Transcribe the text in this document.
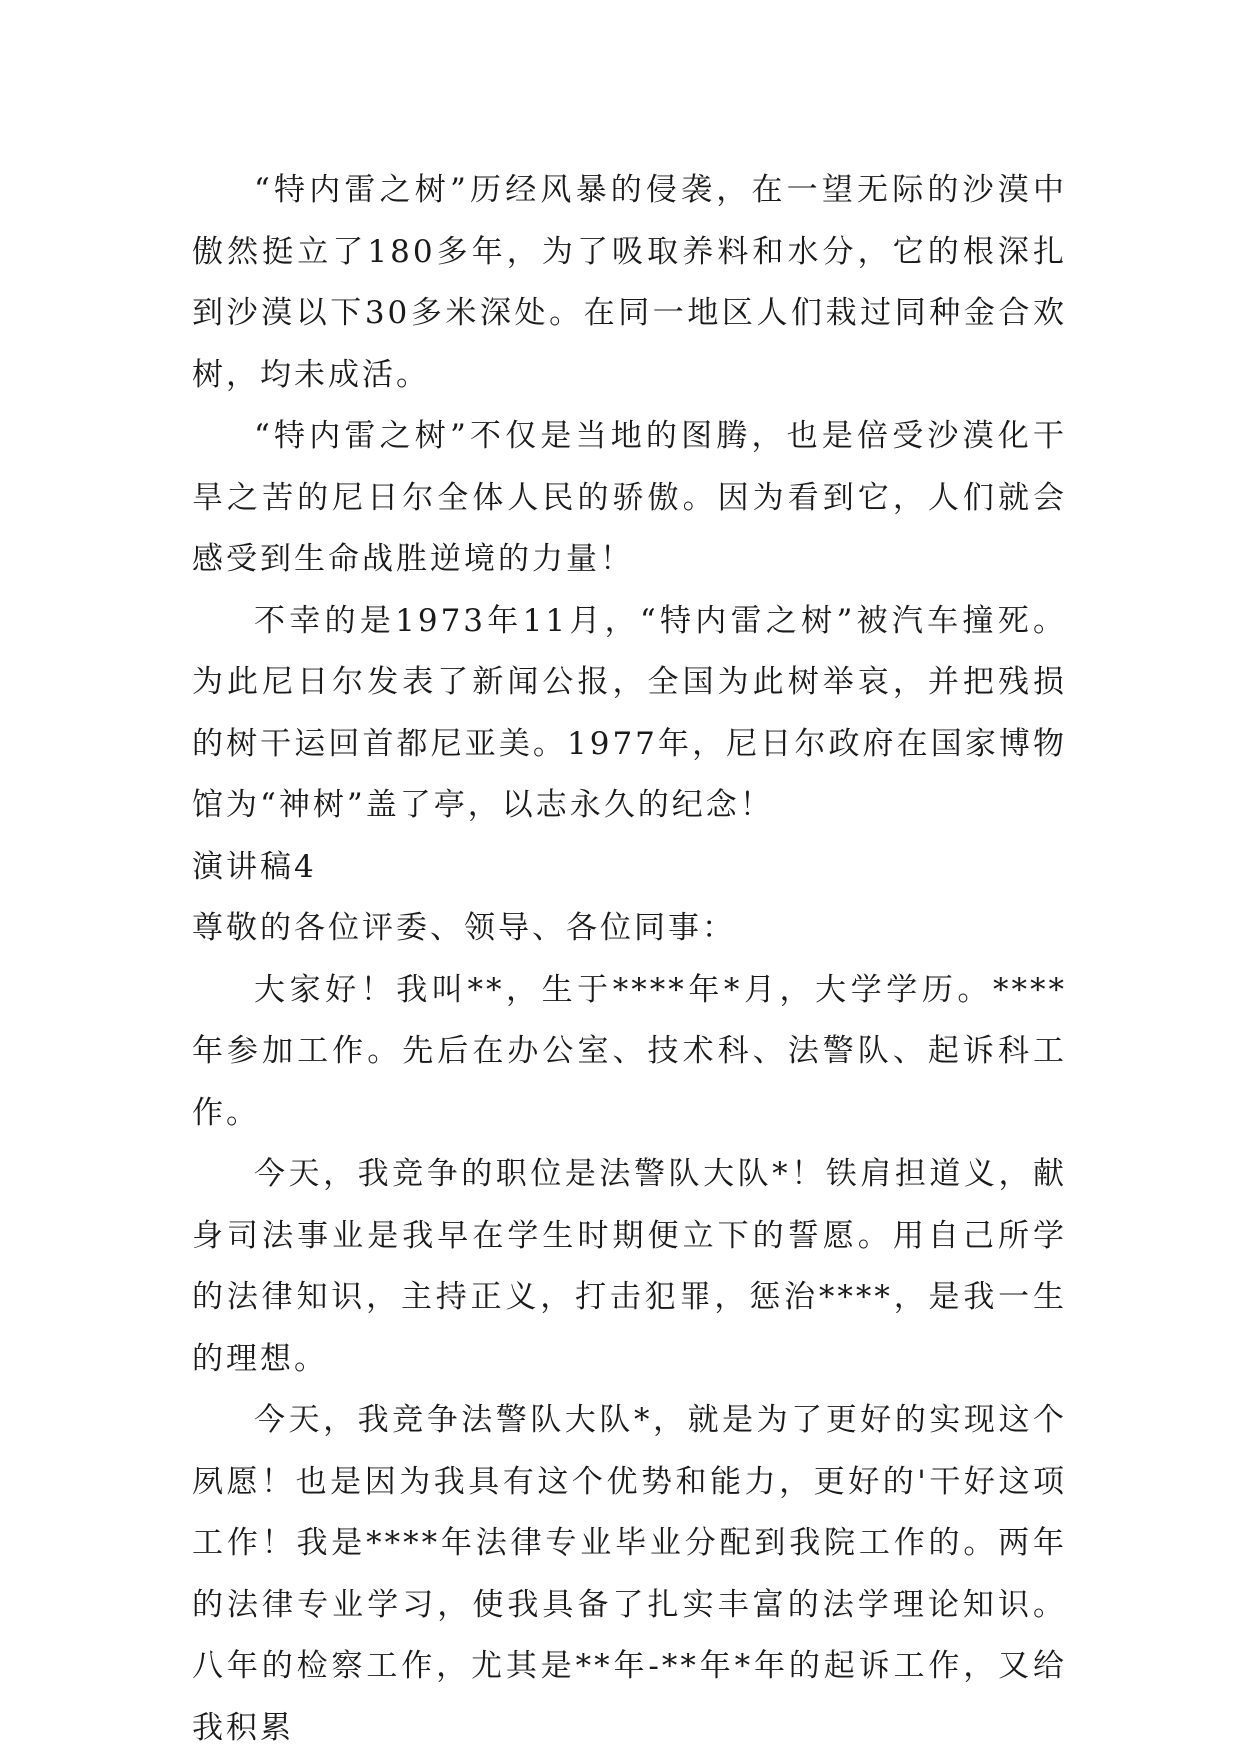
“特内雷之树”历经风暴的侵袭，在一望无际的沙漠中傲然挺立了180多年，为了吸取养料和水分，它的根深扎到沙漠以下30多米深处。在同一地区人们栽过同种金合欢树，均未成活。

“特内雷之树”不仅是当地的图腾，也是倍受沙漠化干旱之苦的尼日尔全体人民的骄傲。因为看到它，人们就会感受到生命战胜逆境的力量！

不幸的是1973年11月，“特内雷之树”被汽车撞死。为此尼日尔发表了新闻公报，全国为此树举哀，并把残损的树干运回首都尼亚美。1977年，尼日尔政府在国家博物馆为“神树”盖了亭，以志永久的纪念！

演讲稿4

尊敬的各位评委、领导、各位同事：

大家好！我叫**，生于****年*月，大学学历。****年参加工作。先后在办公室、技术科、法警队、起诉科工作。

今天，我竞争的职位是法警队大队*！铁肩担道义，献身司法事业是我早在学生时期便立下的誓愿。用自己所学的法律知识，主持正义，打击犯罪，惩治****，是我一生的理想。

今天，我竞争法警队大队*，就是为了更好的实现这个夙愿！也是因为我具有这个优势和能力，更好的'干好这项工作！我是****年法律专业毕业分配到我院工作的。两年的法律专业学习，使我具备了扎实丰富的法学理论知识。八年的检察工作，尤其是**年-**年*年的起诉工作，又给我积累
